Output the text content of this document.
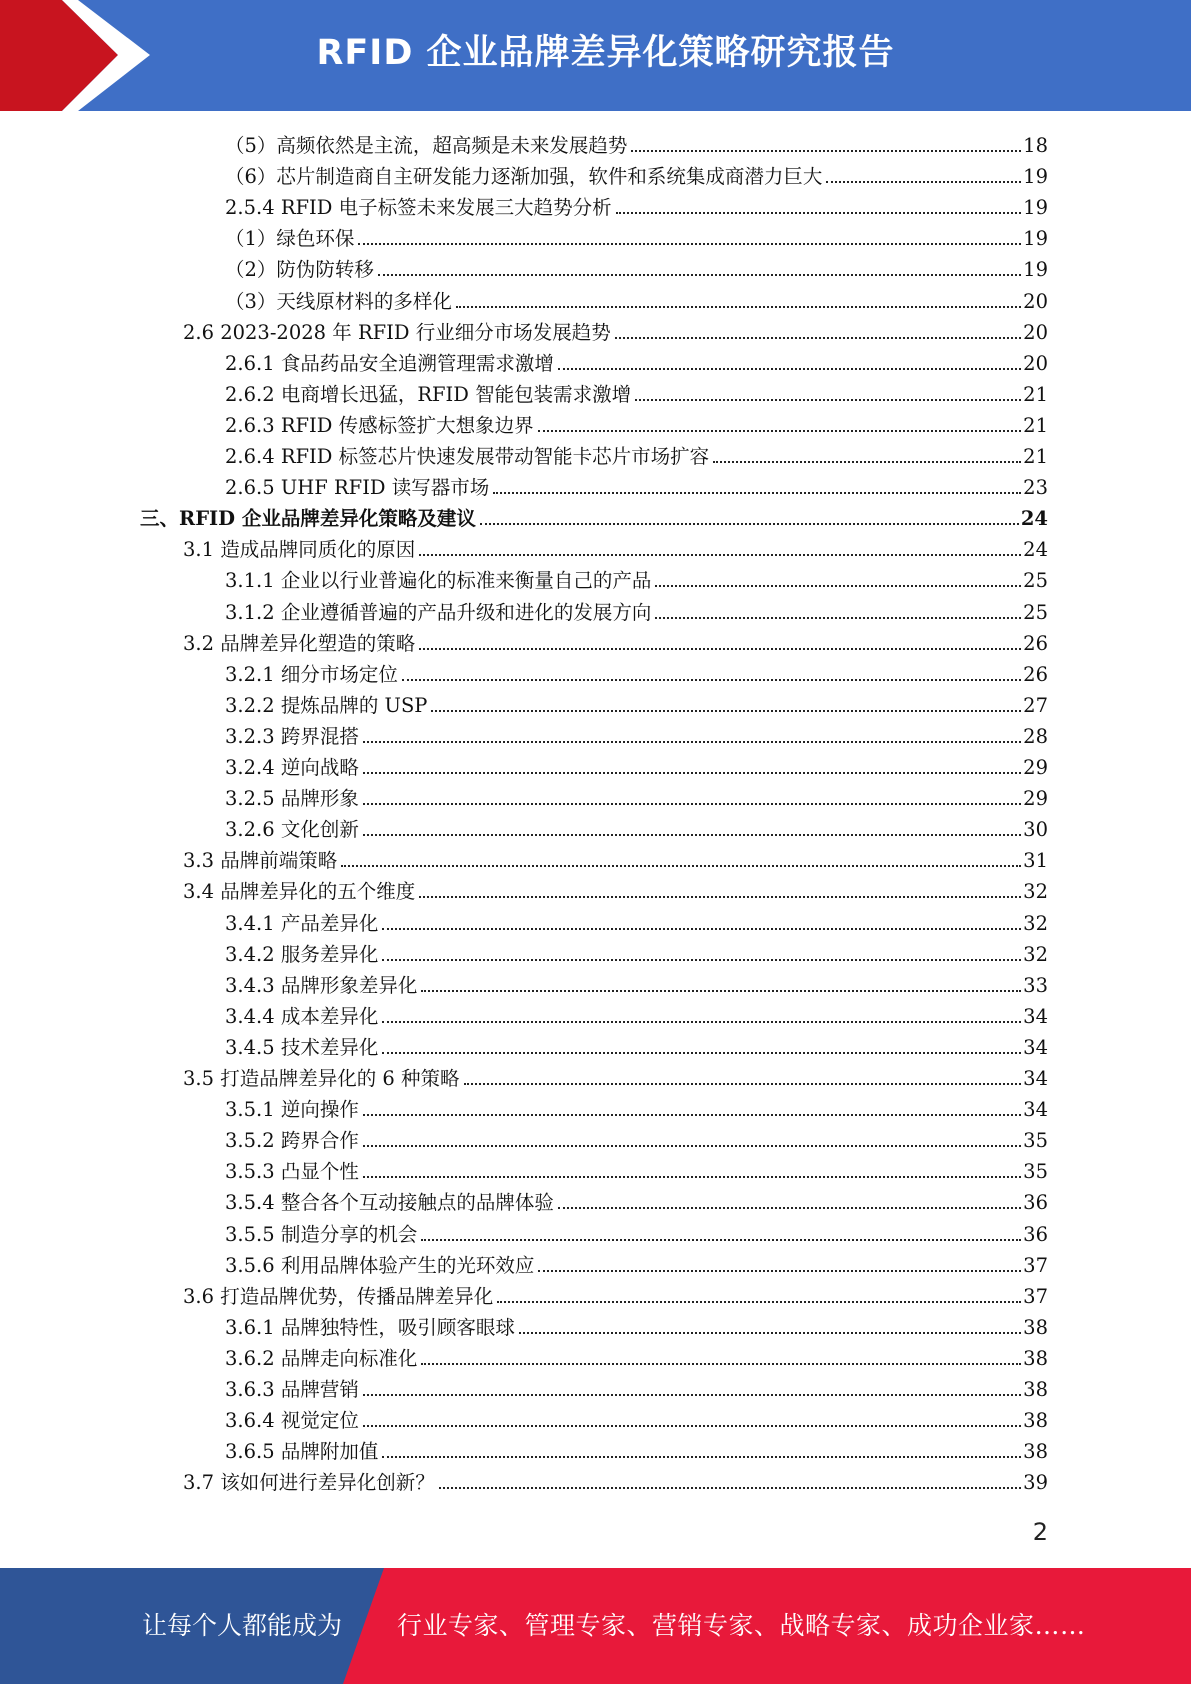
RFID 企业品牌差异化策略研究报告
（5）高频依然是主流，超高频是未来发展趋势	18
（6）芯片制造商自主研发能力逐渐加强，软件和系统集成商潜力巨大	19
2.5.4 RFID 电子标签未来发展三大趋势分析	19
（1）绿色环保	19
（2）防伪防转移	19
（3）天线原材料的多样化	20
2.6 2023-2028 年 RFID 行业细分市场发展趋势	20
2.6.1 食品药品安全追溯管理需求激增	20
2.6.2 电商增长迅猛，RFID 智能包装需求激增	21
2.6.3 RFID 传感标签扩大想象边界	21
2.6.4 RFID 标签芯片快速发展带动智能卡芯片市场扩容	21
2.6.5 UHF RFID 读写器市场	23
三、RFID 企业品牌差异化策略及建议	24
3.1 造成品牌同质化的原因	24
3.1.1 企业以行业普遍化的标准来衡量自己的产品	25
3.1.2 企业遵循普遍的产品升级和进化的发展方向	25
3.2 品牌差异化塑造的策略	26
3.2.1 细分市场定位	26
3.2.2 提炼品牌的 USP	27
3.2.3 跨界混搭	28
3.2.4 逆向战略	29
3.2.5 品牌形象	29
3.2.6 文化创新	30
3.3 品牌前端策略	31
3.4 品牌差异化的五个维度	32
3.4.1 产品差异化	32
3.4.2 服务差异化	32
3.4.3 品牌形象差异化	33
3.4.4 成本差异化	34
3.4.5 技术差异化	34
3.5 打造品牌差异化的 6 种策略	34
3.5.1 逆向操作	34
3.5.2 跨界合作	35
3.5.3 凸显个性	35
3.5.4 整合各个互动接触点的品牌体验	36
3.5.5 制造分享的机会	36
3.5.6 利用品牌体验产生的光环效应	37
3.6 打造品牌优势，传播品牌差异化	37
3.6.1 品牌独特性，吸引顾客眼球	38
3.6.2 品牌走向标准化	38
3.6.3 品牌营销	38
3.6.4 视觉定位	38
3.6.5 品牌附加值	38
3.7 该如何进行差异化创新？	39
2
让每个人都能成为 行业专家、管理专家、营销专家、战略专家、成功企业家……
